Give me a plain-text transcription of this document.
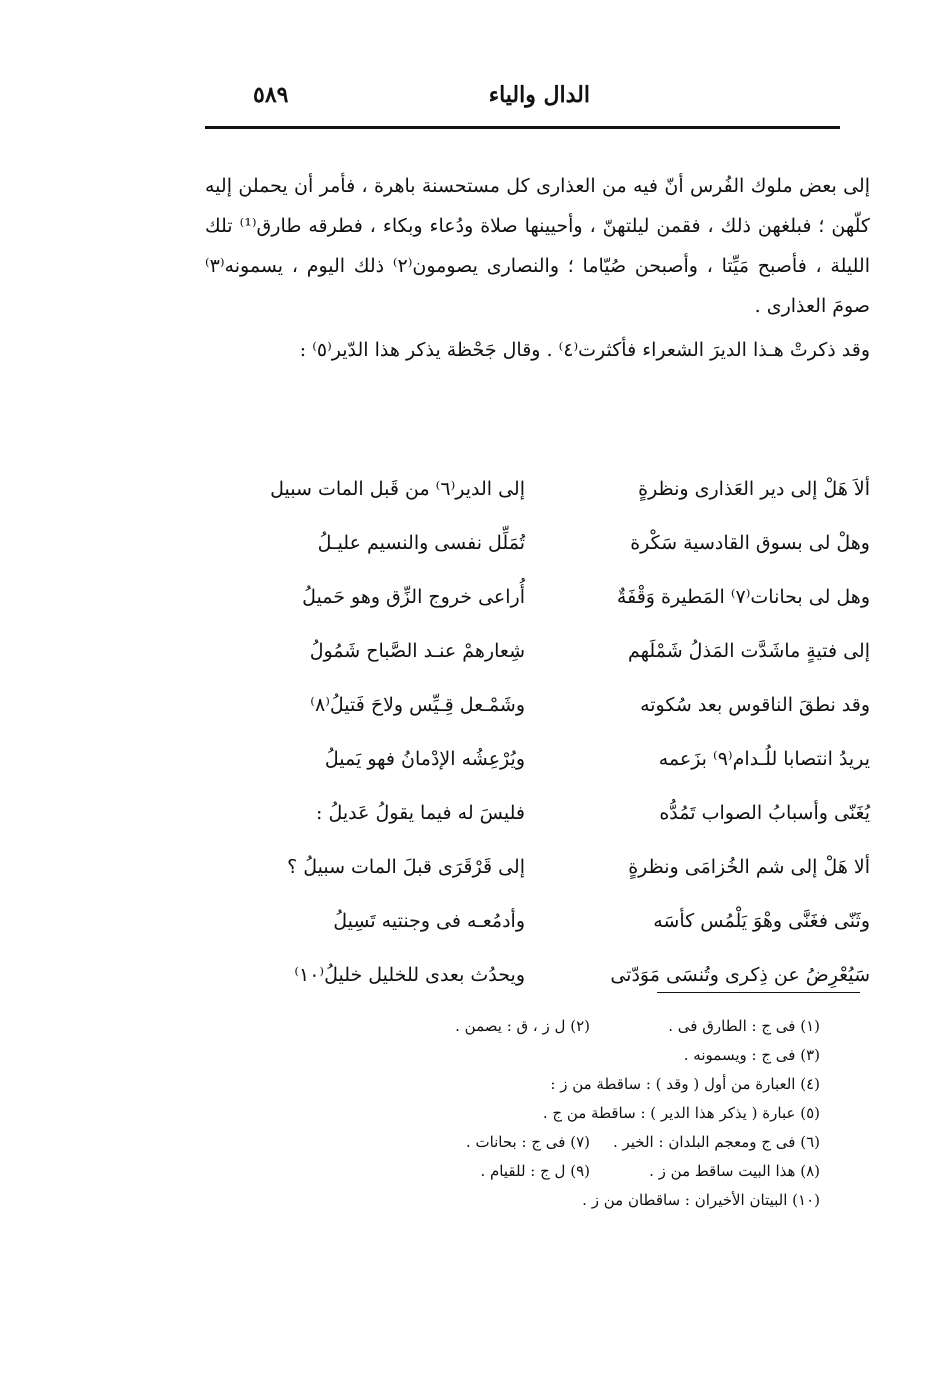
الدال والياء
٥٨٩

إلى بعض ملوك الفُرس أنّ فيه من العذارى كل مستحسنة باهرة ، فأمر أن يحملن إليه كلّهن ؛ فبلغهن ذلك ، فقمن ليلتهنّ ، وأحيينها صلاة ودُعاء وبكاء ، فطرقه طارق⁽¹⁾ تلك الليلة ، فأصبح مَيِّتا ، وأصبحن صُيّاما ؛ والنصارى يصومون⁽٢⁾ ذلك اليوم ، يسمونه⁽٣⁾ صومَ العذارى .

وقد ذكرتْ هـذا الديرَ الشعراء فأكثرت⁽٤⁾ . وقال جَحْظة يذكر هذا الدّير⁽٥⁾ :

ألاَ هَلْ إلى دير العَذارى ونظرةٍ
إلى الدير⁽٦⁾ من قَبل المات سبيل
وهلْ لى بسوق القادسية سَكْرة
تُمَلِّل نفسى والنسيم عليـلُ
وهل لى بحانات⁽٧⁾ المَطيرة وَقْفَةٌ
أُراعى خروج الزِّق وهو حَميلُ
إلى فتيةٍ ماشَدَّت المَذلُ شَمْلَهم
شِعارهمْ عنـد الصَّباح شَمُولُ
وقد نطقَ الناقوس بعد سُكوته
وشَمْـعل قِـيِّس ولاحَ فَتيلُ⁽٨⁾
يريدُ انتصابا للُـدام⁽٩⁾ بزَعمه
ويُرْعِشُه الإدْمانُ فهو يَميلُ
يُغَنّى وأسبابُ الصواب تَمُدُّه
فليسَ له فيما يقولُ عَديلُ :
ألا هَلْ إلى شم الخُزامَى ونظرةٍ
إلى قَرْقَرَى قبلَ المات سبيلُ ؟
وثَنّى فغَنَّى وهْوَ يَلْمُس كأسَه
وأدمُعـه فى وجنتيه تَسِيلُ
سَيُعْرِضُ عن ذِكرى وتُنسَى مَوَدّتى
ويحدُث بعدى للخليل خليلُ⁽١٠⁾
(١) فى ج : الطارق فى .
(٢) ل ز ، ق : يصمن .
(٣) فى ج : ويسمونه .
(٤) العبارة من أول ( وقد ) : ساقطة من ز :
(٥) عبارة ( يذكر هذا الدير ) : ساقطة من ج .
(٦) فى ج ومعجم البلدان : الخير .
(٧) فى ج : بحانات .
(٨) هذا البيت ساقط من ز .
(٩) ل ج : للقيام .
(١٠) البيتان الأخيران : ساقطان من ز .
